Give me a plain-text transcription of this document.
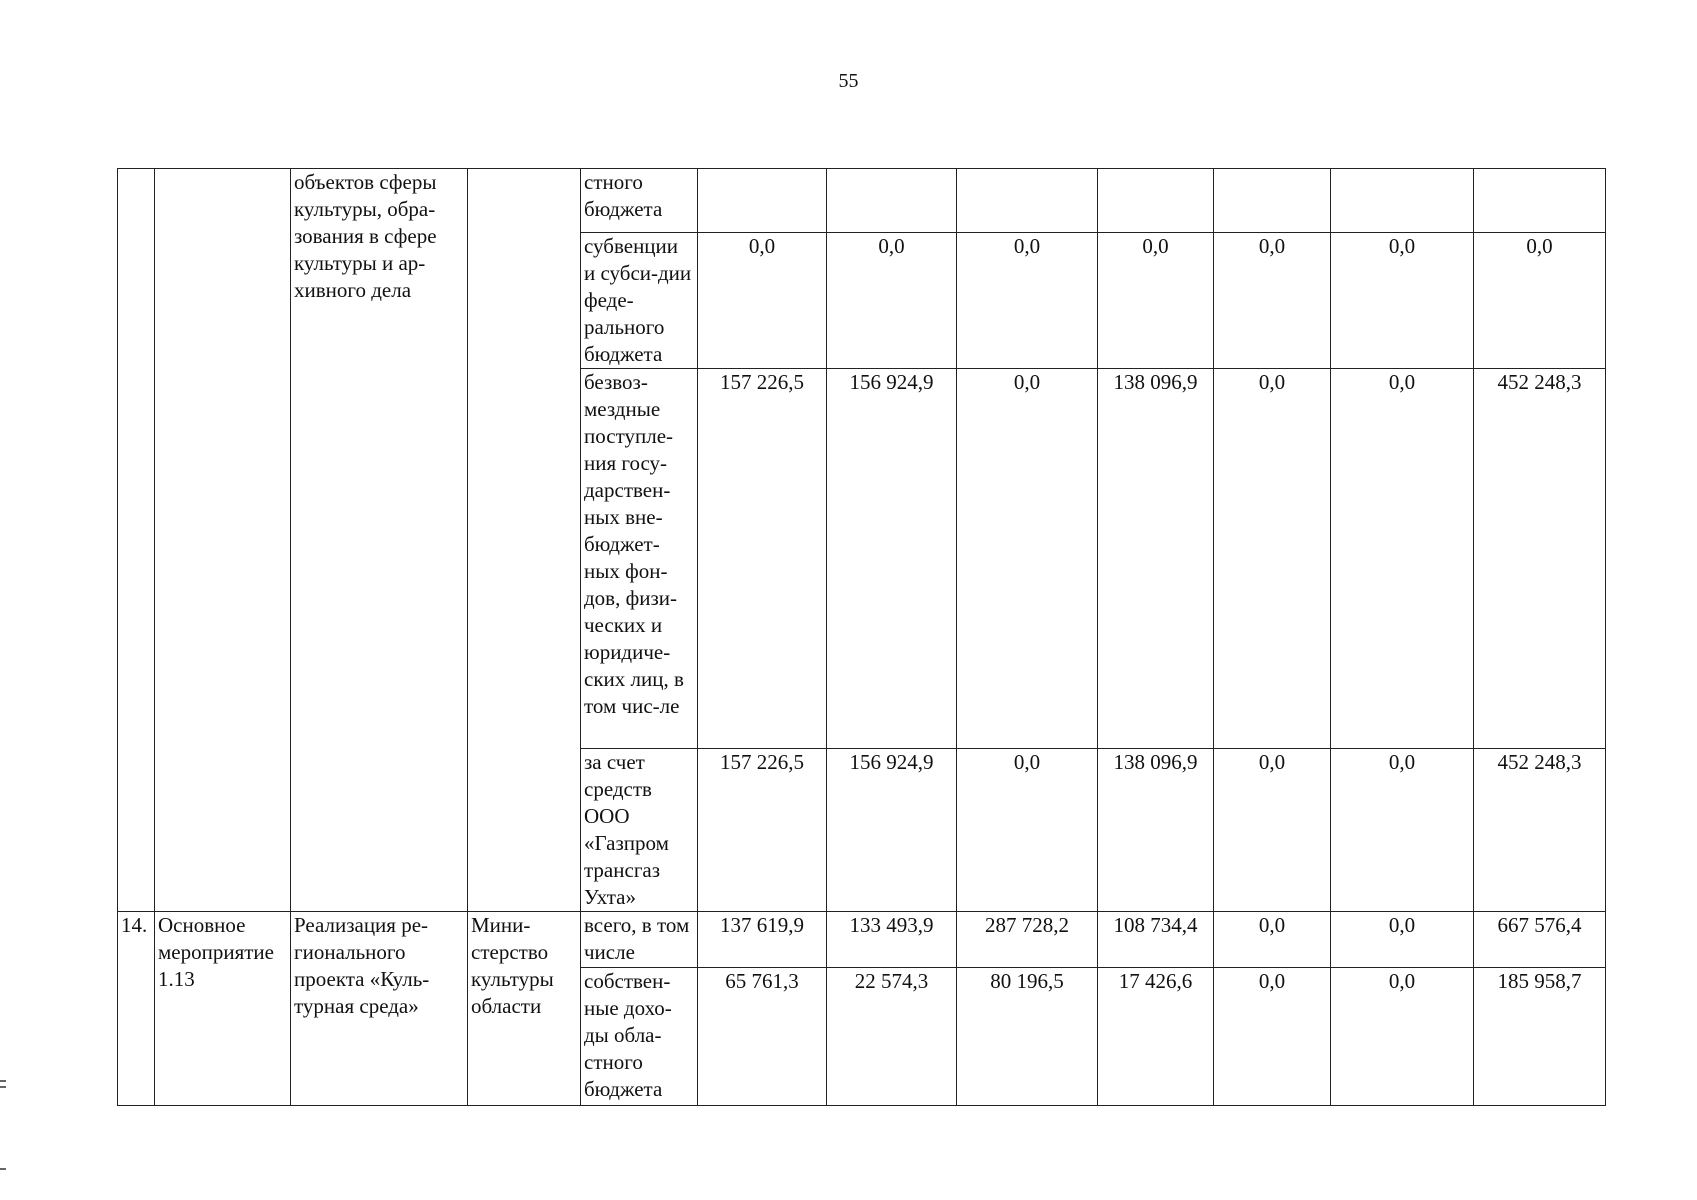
55
		объектов сферы культуры, обра-зования в сфере культуры и ар-хивного дела		стного бюджета							
				субвенции и субси-дии феде-рального бюджета	0,0	0,0	0,0	0,0	0,0	0,0	0,0
				безвоз-мездные поступле-ния госу-дарствен-ных вне-бюджет-ных фон-дов, физи-ческих и юридиче-ских лиц, в том чис-ле	157 226,5	156 924,9	0,0	138 096,9	0,0	0,0	452 248,3
				за счет средств ООО «Газпром трансгаз Ухта»	157 226,5	156 924,9	0,0	138 096,9	0,0	0,0	452 248,3
14.	Основное мероприятие 1.13	Реализация ре-гионального проекта «Куль-турная среда»	Мини-стерство культуры области	всего, в том числе	137 619,9	133 493,9	287 728,2	108 734,4	0,0	0,0	667 576,4
				собствен-ные дохо-ды обла-стного бюджета	65 761,3	22 574,3	80 196,5	17 426,6	0,0	0,0	185 958,7
